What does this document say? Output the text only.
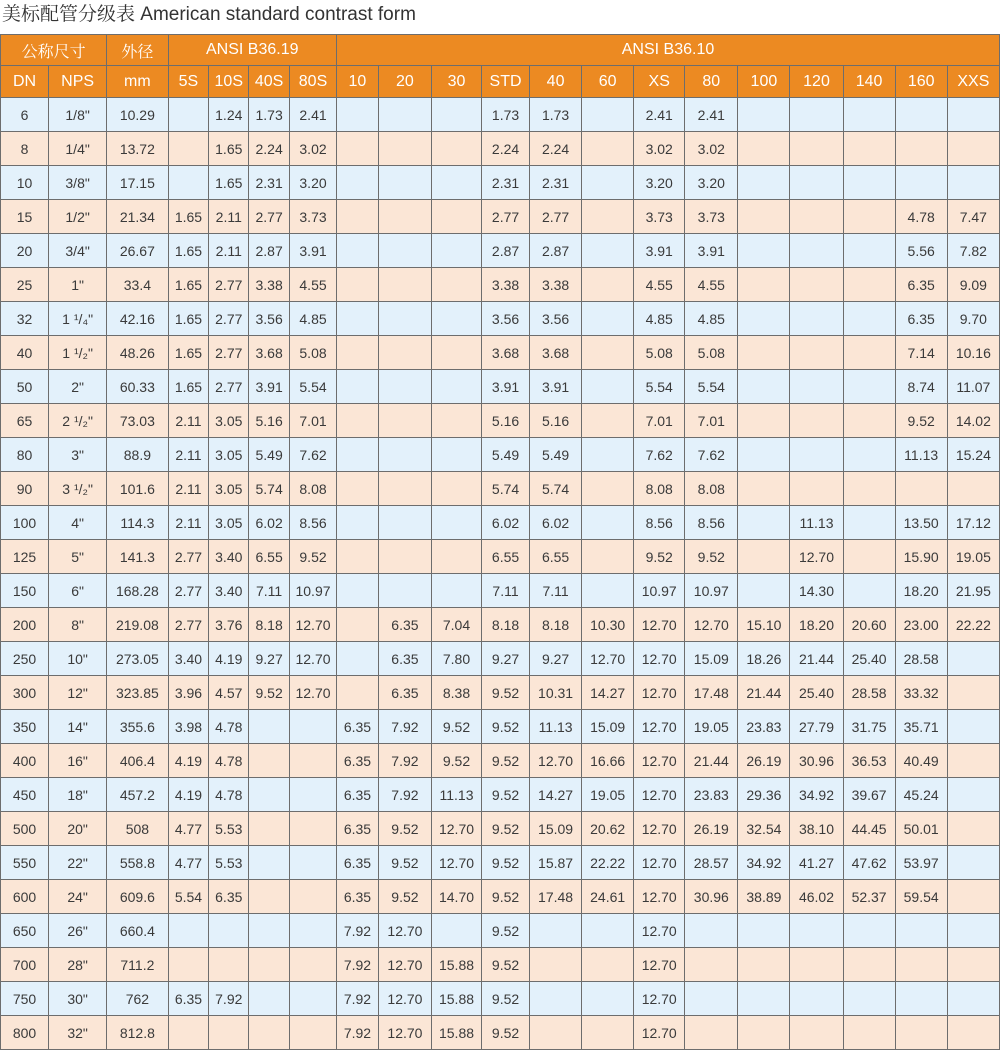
美标配管分级表 American standard contrast form
公称尺寸		外径	ANSI B36.19				ANSI B36.10												
DN	NPS	mm	5S	10S	40S	80S	10	20	30	STD	40	60	XS	80	100	120	140	160	XXS
6	1/8"	10.29		1.24	1.73	2.41				1.73	1.73		2.41	2.41					
8	1/4"	13.72		1.65	2.24	3.02				2.24	2.24		3.02	3.02					
10	3/8"	17.15		1.65	2.31	3.20				2.31	2.31		3.20	3.20					
15	1/2"	21.34	1.65	2.11	2.77	3.73				2.77	2.77		3.73	3.73				4.78	7.47
20	3/4"	26.67	1.65	2.11	2.87	3.91				2.87	2.87		3.91	3.91				5.56	7.82
25	1"	33.4	1.65	2.77	3.38	4.55				3.38	3.38		4.55	4.55				6.35	9.09
32	1 ¹/₄"	42.16	1.65	2.77	3.56	4.85				3.56	3.56		4.85	4.85				6.35	9.70
40	1 ¹/₂"	48.26	1.65	2.77	3.68	5.08				3.68	3.68		5.08	5.08				7.14	10.16
50	2"	60.33	1.65	2.77	3.91	5.54				3.91	3.91		5.54	5.54				8.74	11.07
65	2 ¹/₂"	73.03	2.11	3.05	5.16	7.01				5.16	5.16		7.01	7.01				9.52	14.02
80	3"	88.9	2.11	3.05	5.49	7.62				5.49	5.49		7.62	7.62				11.13	15.24
90	3 ¹/₂"	101.6	2.11	3.05	5.74	8.08				5.74	5.74		8.08	8.08					
100	4"	114.3	2.11	3.05	6.02	8.56				6.02	6.02		8.56	8.56		11.13		13.50	17.12
125	5"	141.3	2.77	3.40	6.55	9.52				6.55	6.55		9.52	9.52		12.70		15.90	19.05
150	6"	168.28	2.77	3.40	7.11	10.97				7.11	7.11		10.97	10.97		14.30		18.20	21.95
200	8"	219.08	2.77	3.76	8.18	12.70		6.35	7.04	8.18	8.18	10.30	12.70	12.70	15.10	18.20	20.60	23.00	22.22
250	10"	273.05	3.40	4.19	9.27	12.70		6.35	7.80	9.27	9.27	12.70	12.70	15.09	18.26	21.44	25.40	28.58	
300	12"	323.85	3.96	4.57	9.52	12.70		6.35	8.38	9.52	10.31	14.27	12.70	17.48	21.44	25.40	28.58	33.32	
350	14"	355.6	3.98	4.78			6.35	7.92	9.52	9.52	11.13	15.09	12.70	19.05	23.83	27.79	31.75	35.71	
400	16"	406.4	4.19	4.78			6.35	7.92	9.52	9.52	12.70	16.66	12.70	21.44	26.19	30.96	36.53	40.49	
450	18"	457.2	4.19	4.78			6.35	7.92	11.13	9.52	14.27	19.05	12.70	23.83	29.36	34.92	39.67	45.24	
500	20"	508	4.77	5.53			6.35	9.52	12.70	9.52	15.09	20.62	12.70	26.19	32.54	38.10	44.45	50.01	
550	22"	558.8	4.77	5.53			6.35	9.52	12.70	9.52	15.87	22.22	12.70	28.57	34.92	41.27	47.62	53.97	
600	24"	609.6	5.54	6.35			6.35	9.52	14.70	9.52	17.48	24.61	12.70	30.96	38.89	46.02	52.37	59.54	
650	26"	660.4					7.92	12.70		9.52			12.70						
700	28"	711.2					7.92	12.70	15.88	9.52			12.70						
750	30"	762	6.35	7.92			7.92	12.70	15.88	9.52			12.70						
800	32"	812.8					7.92	12.70	15.88	9.52			12.70						
